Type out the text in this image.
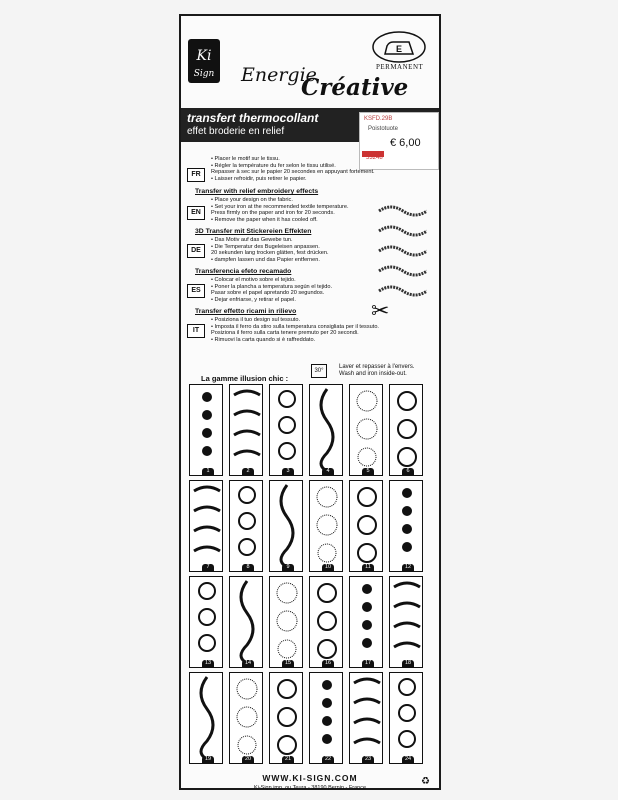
Ki
Sign Energie
Créative
E
PERMANENT
transfert thermocollant
effet broderie en relief
KSFD.29B
Poistotuote
€ 6,00
53248
FR
• Placer le motif sur le tissu.
• Régler la température du fer selon le tissu utilisé.
Repasser à sec sur le papier 20 secondes en appuyant fortement.
• Laisser refroidir, puis retirer le papier.
Transfer with relief embroidery effects
EN
• Place your design on the fabric.
• Set your iron at the recommended textile temperature.
Press firmly on the paper and iron for 20 seconds.
• Remove the paper when it has cooled off.
3D Transfer mit Stickereien Effekten
DE
• Das Motiv auf das Gewebe tun.
• Die Temperatur des Bugeleisen anpassen.
20 sekunden lang trocken glätten, fest drücken.
• dampfen lassen und das Papier entfernen.
Transferencia efeto recamado
ES
• Colocar el motivo sobre el tejido.
• Poner la plancha a temperatura según el tejido.
Pasar sobre el papel apretando 20 segundos.
• Dejar enfriarse, y retirar el papel.
Transfer effetto ricami in rilievo
IT
• Posiziona il tuo design sul tessuto.
• Imposta il ferro da stiro sulla temperatura consigliata per il tessuto.
Posiziona il ferro sulla carta tenere premuto per 20 secondi.
• Rimuovi la carta quando si è raffreddato.
✂
La gamme illusion chic :
30°
Laver et repasser à l'envers.
Wash and iron inside-out.
1	2	3	4	5	6
7	8	9	10	11	12
13	14	15	16	17	18
19	20	21	22	23	24
WWW.KI-SIGN.COM
Ki-Sign imp. ou Teura - 38190 Bernin - France
♻
